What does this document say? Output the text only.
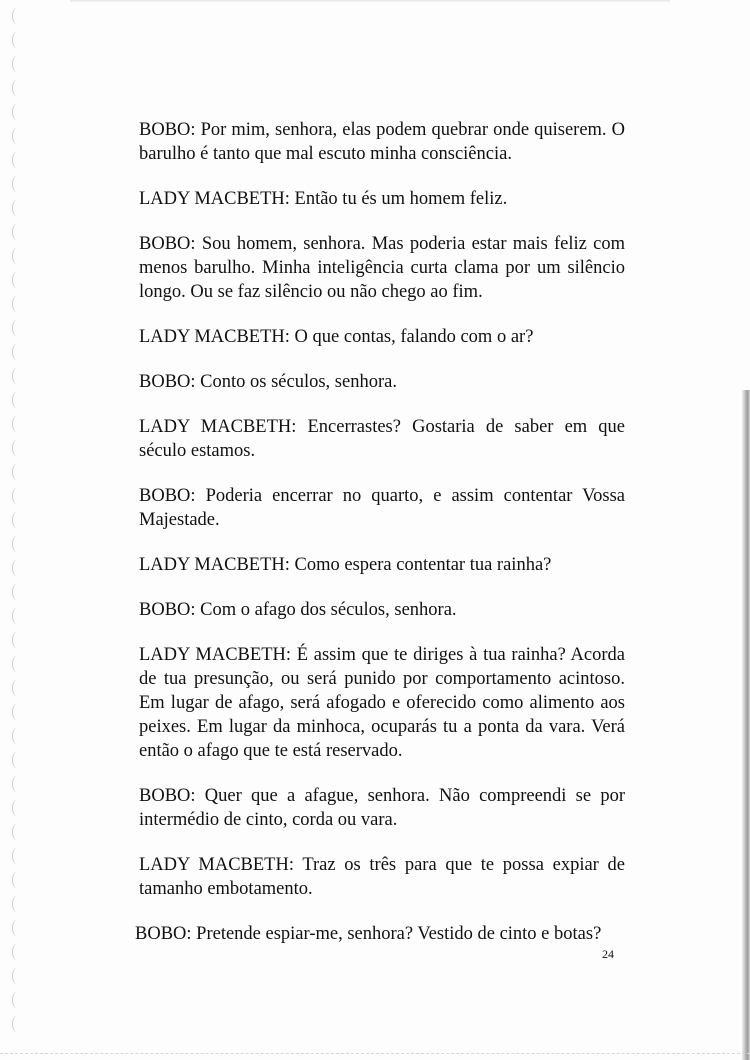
BOBO: Por mim, senhora, elas podem quebrar onde quiserem. O barulho é tanto que mal escuto minha consciência.

LADY MACBETH: Então tu és um homem feliz.

BOBO: Sou homem, senhora. Mas poderia estar mais feliz com menos barulho. Minha inteligência curta clama por um silêncio longo. Ou se faz silêncio ou não chego ao fim.

LADY MACBETH: O que contas, falando com o ar?

BOBO: Conto os séculos, senhora.

LADY MACBETH: Encerrastes? Gostaria de saber em que século estamos.

BOBO: Poderia encerrar no quarto, e assim contentar Vossa Majestade.

LADY MACBETH: Como espera contentar tua rainha?

BOBO: Com o afago dos séculos, senhora.

LADY MACBETH: É assim que te diriges à tua rainha? Acorda de tua presunção, ou será punido por comportamento acintoso. Em lugar de afago, será afogado e oferecido como alimento aos peixes. Em lugar da minhoca, ocuparás tu a ponta da vara. Verá então o afago que te está reservado.

BOBO: Quer que a afague, senhora. Não compreendi se por intermédio de cinto, corda ou vara.

LADY MACBETH: Traz os três para que te possa expiar de tamanho embotamento.

BOBO: Pretende espiar-me, senhora? Vestido de cinto e botas?

24
